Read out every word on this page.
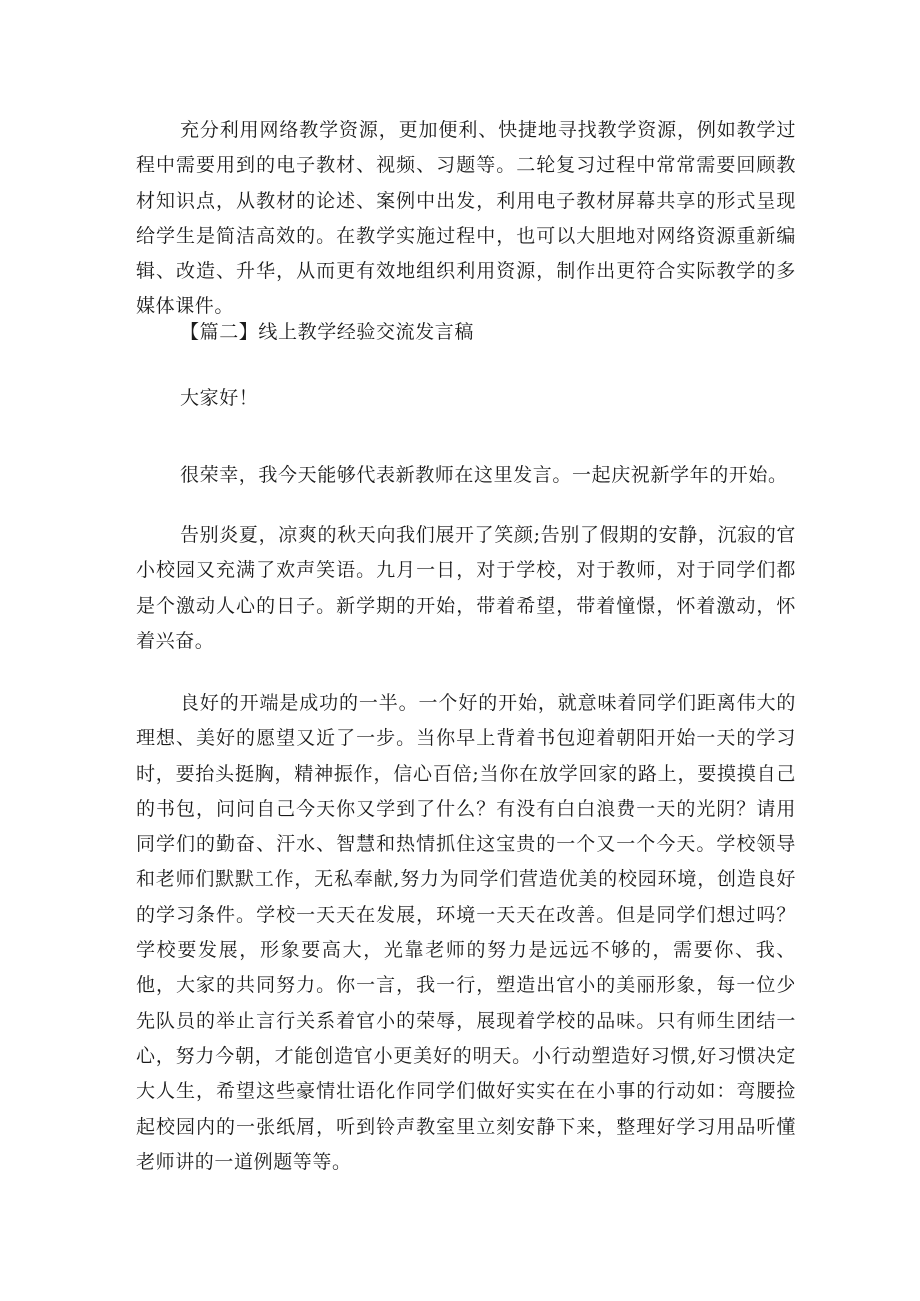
充分利用网络教学资源，更加便利、快捷地寻找教学资源，例如教学过程中需要用到的电子教材、视频、习题等。二轮复习过程中常常需要回顾教材知识点，从教材的论述、案例中出发，利用电子教材屏幕共享的形式呈现给学生是简洁高效的。在教学实施过程中，也可以大胆地对网络资源重新编辑、改造、升华，从而更有效地组织利用资源，制作出更符合实际教学的多媒体课件。

【篇二】线上教学经验交流发言稿

大家好！

很荣幸，我今天能够代表新教师在这里发言。一起庆祝新学年的开始。

告别炎夏，凉爽的秋天向我们展开了笑颜;告别了假期的安静，沉寂的官小校园又充满了欢声笑语。九月一日，对于学校，对于教师，对于同学们都是个激动人心的日子。新学期的开始，带着希望，带着憧憬，怀着激动，怀着兴奋。

良好的开端是成功的一半。一个好的开始，就意味着同学们距离伟大的理想、美好的愿望又近了一步。当你早上背着书包迎着朝阳开始一天的学习时，要抬头挺胸，精神振作，信心百倍;当你在放学回家的路上，要摸摸自己的书包，问问自己今天你又学到了什么？有没有白白浪费一天的光阴？请用同学们的勤奋、汗水、智慧和热情抓住这宝贵的一个又一个今天。学校领导和老师们默默工作，无私奉献,努力为同学们营造优美的校园环境，创造良好的学习条件。学校一天天在发展，环境一天天在改善。但是同学们想过吗？学校要发展，形象要高大，光靠老师的努力是远远不够的，需要你、我、他，大家的共同努力。你一言，我一行，塑造出官小的美丽形象，每一位少先队员的举止言行关系着官小的荣辱，展现着学校的品味。只有师生团结一心，努力今朝，才能创造官小更美好的明天。小行动塑造好习惯,好习惯决定大人生，希望这些豪情壮语化作同学们做好实实在在小事的行动如：弯腰捡起校园内的一张纸屑，听到铃声教室里立刻安静下来，整理好学习用品听懂老师讲的一道例题等等。
